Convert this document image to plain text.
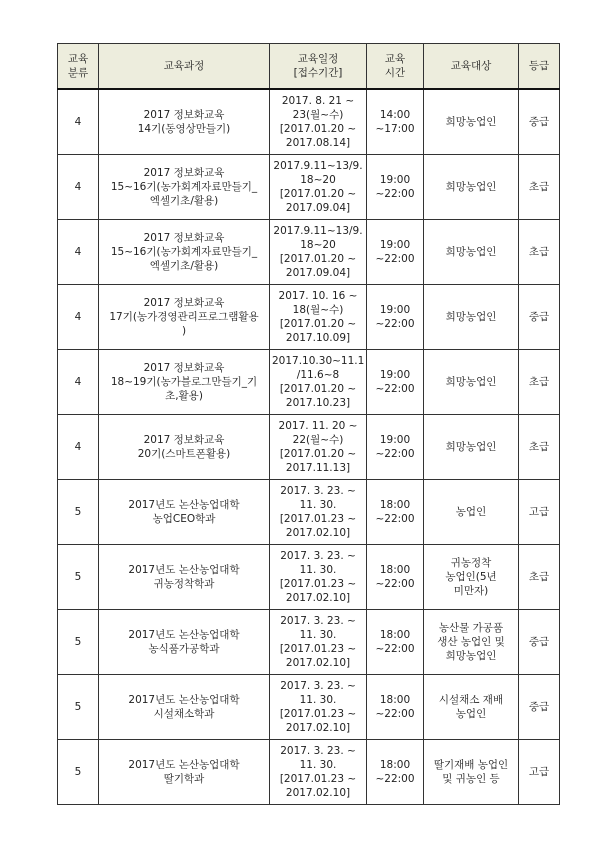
교육
분류	교육과정	교육일정
[접수기간]	교육
시간	교육대상	등급

4	2017 정보화교육
14기(동영상만들기)	2017. 8. 21 ~
23(월~수)
[2017.01.20 ~
2017.08.14]	14:00
~17:00	희망농업인	중급

4	2017 정보화교육
15~16기(농가회계자료만들기_
엑셀기초/활용)	2017.9.11~13/9.
18~20
[2017.01.20 ~
2017.09.04]	19:00
~22:00	희망농업인	초급

4	2017 정보화교육
15~16기(농가회계자료만들기_
엑셀기초/활용)	2017.9.11~13/9.
18~20
[2017.01.20 ~
2017.09.04]	19:00
~22:00	희망농업인	초급

4	2017 정보화교육
17기(농가경영관리프로그램활용
)	2017. 10. 16 ~
18(월~수)
[2017.01.20 ~
2017.10.09]	19:00
~22:00	희망농업인	중급

4	2017 정보화교육
18~19기(농가블로그만들기_기
초,활용)	2017.10.30~11.1
/11.6~8
[2017.01.20 ~
2017.10.23]	19:00
~22:00	희망농업인	초급

4	2017 정보화교육
20기(스마트폰활용)	2017. 11. 20 ~
22(월~수)
[2017.01.20 ~
2017.11.13]	19:00
~22:00	희망농업인	초급

5	2017년도 논산농업대학
농업CEO학과	2017. 3. 23. ~
11. 30.
[2017.01.23 ~
2017.02.10]	18:00
~22:00	농업인	고급

5	2017년도 논산농업대학
귀농정착학과	2017. 3. 23. ~
11. 30.
[2017.01.23 ~
2017.02.10]	18:00
~22:00	귀농정착
농업인(5년
미만자)	초급

5	2017년도 논산농업대학
농식품가공학과	2017. 3. 23. ~
11. 30.
[2017.01.23 ~
2017.02.10]	18:00
~22:00	농산물 가공품
생산 농업인 및
희망농업인	중급

5	2017년도 논산농업대학
시설채소학과	2017. 3. 23. ~
11. 30.
[2017.01.23 ~
2017.02.10]	18:00
~22:00	시설채소 재배
농업인	중급

5	2017년도 논산농업대학
딸기학과	2017. 3. 23. ~
11. 30.
[2017.01.23 ~
2017.02.10]	18:00
~22:00	딸기재배 농업인
및 귀농인 등	고급
